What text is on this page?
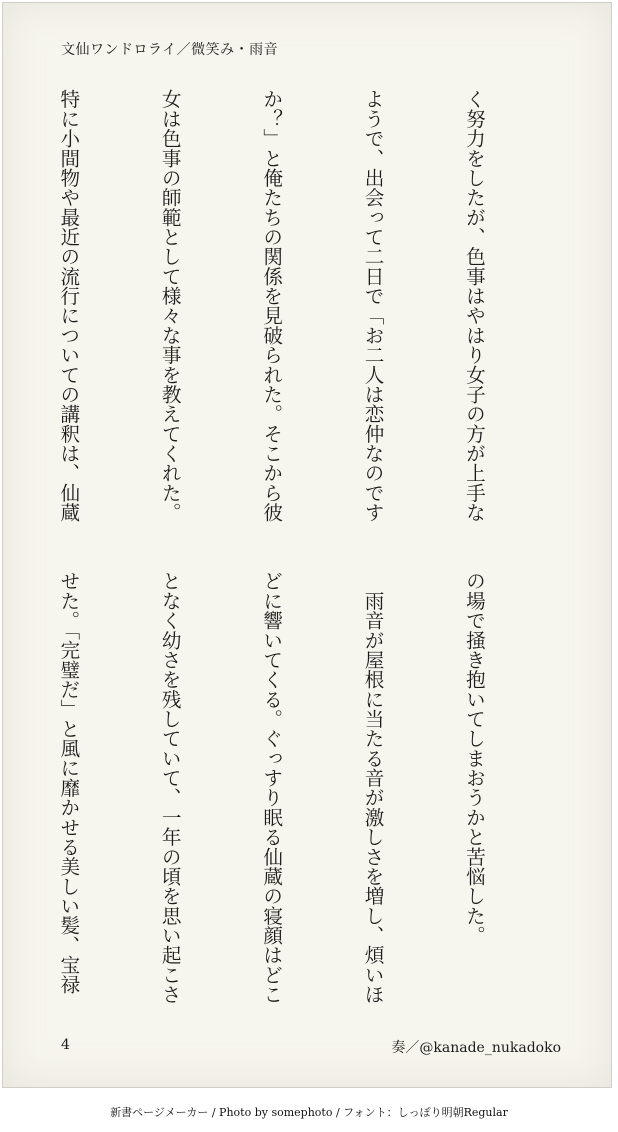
文仙ワンドロライ／微笑み・雨音

く努力をしたが、色事はやはり女子の方が上手な

ようで、出会って二日で「お二人は恋仲なのです

か？」と俺たちの関係を見破られた。そこから彼

女は色事の師範として様々な事を教えてくれた。

特に小間物や最近の流行についての講釈は、仙蔵

の場で掻き抱いてしまおうかと苦悩した。

　雨音が屋根に当たる音が激しさを増し、煩いほ

どに響いてくる。ぐっすり眠る仙蔵の寝顔はどこ

となく幼さを残していて、一年の頃を思い起こさ

せた。「完璧だ」と風に靡かせる美しい髪、宝禄

4	奏／@kanade_nukadoko
新書ページメーカー / Photo by somephoto / フォント：しっぽり明朝Regular
